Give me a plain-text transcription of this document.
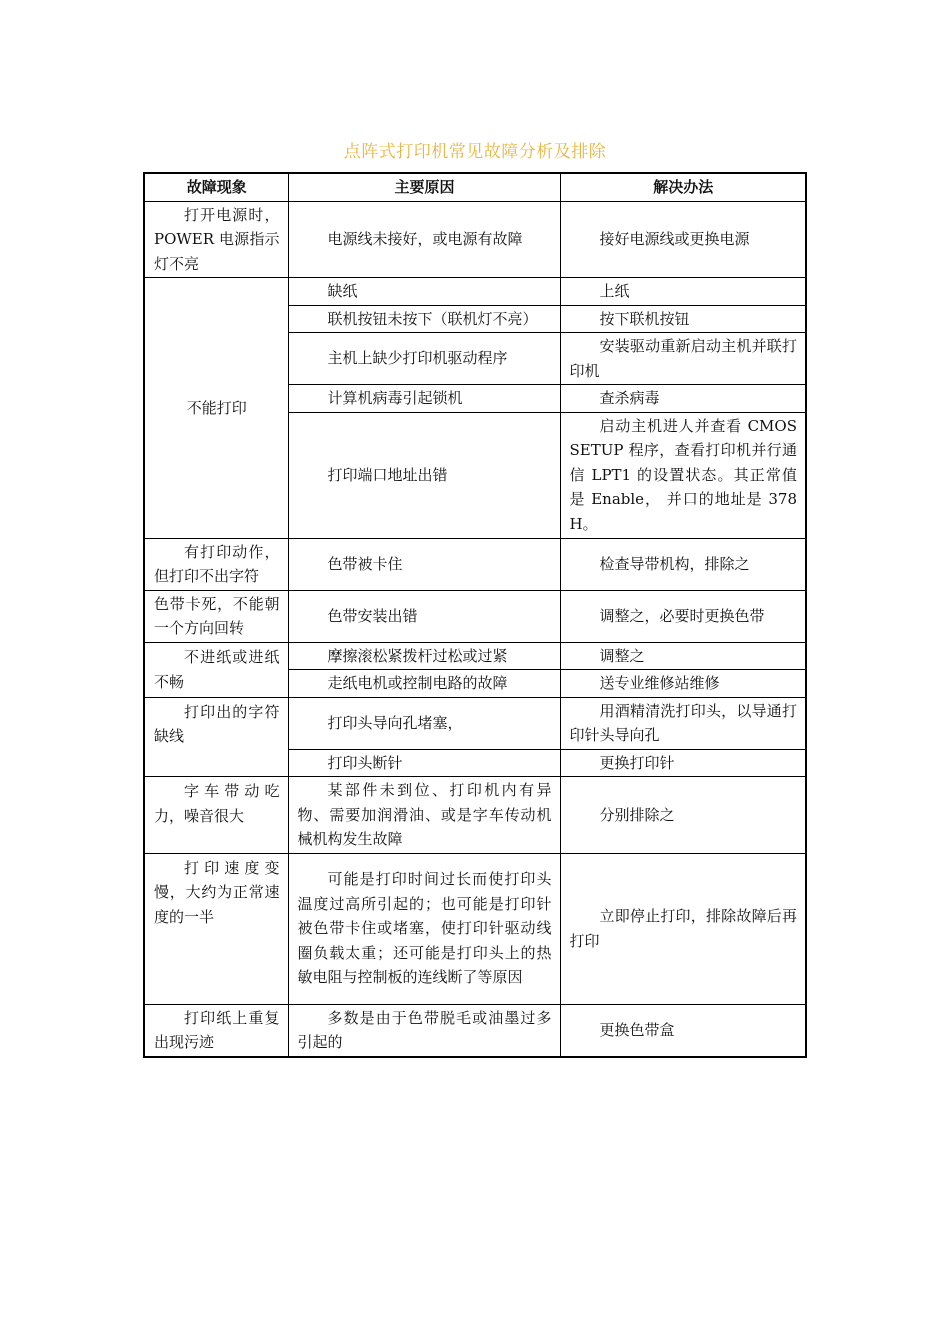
点阵式打印机常见故障分析及排除
故障现象	主要原因	解决办法
打开电源时，POWER 电源指示灯不亮	电源线未接好，或电源有故障	接好电源线或更换电源
不能打印	缺纸	上纸
	联机按钮未按下（联机灯不亮）	按下联机按钮
	主机上缺少打印机驱动程序	安装驱动重新启动主机并联打印机
	计算机病毒引起锁机	查杀病毒
	打印端口地址出错	启动主机进人并查看 CMOS SETUP 程序，查看打印机并行通信 LPT1 的设置状态。其正常值是 Enable， 并口的地址是 378H。
有打印动作，但打印不出字符	色带被卡住	检查导带机构，排除之
色带卡死，不能朝一个方向回转	色带安装出错	调整之，必要时更换色带
不进纸或进纸不畅	摩擦滚松紧拨杆过松或过紧	调整之
	走纸电机或控制电路的故障	送专业维修站维修
打印出的字符缺线	打印头导向孔堵塞，	用酒精清洗打印头，以导通打印针头导向孔
	打印头断针	更换打印针
字车带动吃力，噪音很大	某部件未到位、打印机内有异物、需要加润滑油、或是字车传动机械机构发生故障	分别排除之
打印速度变慢，大约为正常速度的一半	可能是打印时间过长而使打印头温度过高所引起的；也可能是打印针被色带卡住或堵塞，使打印针驱动线圈负载太重；还可能是打印头上的热敏电阻与控制板的连线断了等原因	立即停止打印，排除故障后再打印
打印纸上重复出现污迹	多数是由于色带脱毛或油墨过多引起的	更换色带盒
